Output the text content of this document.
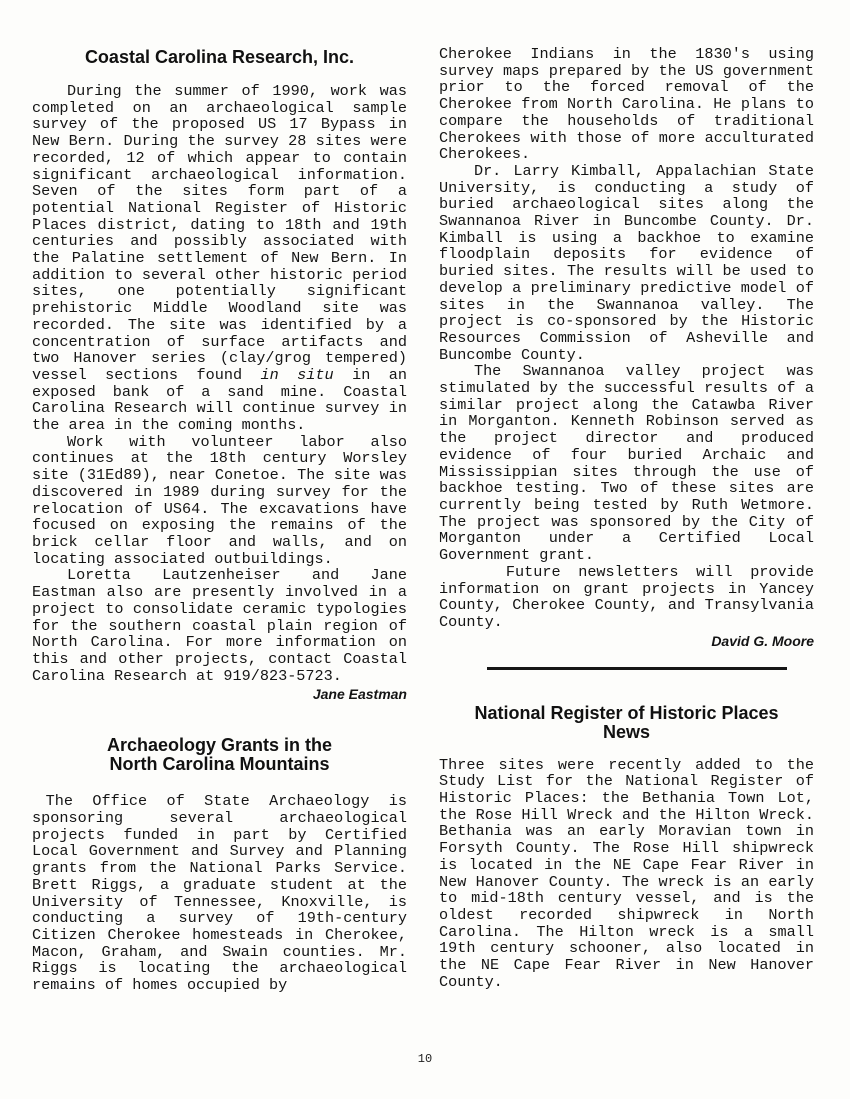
Coastal Carolina Research, Inc.

During the summer of 1990, work was completed on an archaeological sample survey of the proposed US 17 Bypass in New Bern. During the survey 28 sites were recorded, 12 of which appear to contain significant archaeological information. Seven of the sites form part of a potential National Register of Historic Places district, dating to 18th and 19th centuries and possibly associated with the Palatine settlement of New Bern. In addition to several other historic period sites, one potentially significant prehistoric Middle Woodland site was recorded. The site was identified by a concentration of surface artifacts and two Hanover series (clay/grog tempered) vessel sections found in situ in an exposed bank of a sand mine. Coastal Carolina Research will continue survey in the area in the coming months.

Work with volunteer labor also continues at the 18th century Worsley site (31Ed89), near Conetoe. The site was discovered in 1989 during survey for the relocation of US64. The excavations have focused on exposing the remains of the brick cellar floor and walls, and on locating associated outbuildings.

Loretta Lautzenheiser and Jane Eastman also are presently involved in a project to consolidate ceramic typologies for the southern coastal plain region of North Carolina. For more information on this and other projects, contact Coastal Carolina Research at 919/823-5723.

Jane Eastman

Archaeology Grants in the
North Carolina Mountains

The Office of State Archaeology is sponsoring several archaeological projects funded in part by Certified Local Government and Survey and Planning grants from the National Parks Service. Brett Riggs, a graduate student at the University of Tennessee, Knoxville, is conducting a survey of 19th-century Citizen Cherokee homesteads in Cherokee, Macon, Graham, and Swain counties. Mr. Riggs is locating the archaeological remains of homes occupied by

Cherokee Indians in the 1830's using survey maps prepared by the US government prior to the forced removal of the Cherokee from North Carolina. He plans to compare the households of traditional Cherokees with those of more acculturated Cherokees.

Dr. Larry Kimball, Appalachian State University, is conducting a study of buried archaeological sites along the Swannanoa River in Buncombe County. Dr. Kimball is using a backhoe to examine floodplain deposits for evidence of buried sites. The results will be used to develop a preliminary predictive model of sites in the Swannanoa valley. The project is co-sponsored by the Historic Resources Commission of Asheville and Buncombe County.

The Swannanoa valley project was stimulated by the successful results of a similar project along the Catawba River in Morganton. Kenneth Robinson served as the project director and produced evidence of four buried Archaic and Mississippian sites through the use of backhoe testing. Two of these sites are currently being tested by Ruth Wetmore. The project was sponsored by the City of Morganton under a Certified Local Government grant.

Future newsletters will provide information on grant projects in Yancey County, Cherokee County, and Transylvania County.

David G. Moore

National Register of Historic Places
News

Three sites were recently added to the Study List for the National Register of Historic Places: the Bethania Town Lot, the Rose Hill Wreck and the Hilton Wreck. Bethania was an early Moravian town in Forsyth County. The Rose Hill shipwreck is located in the NE Cape Fear River in New Hanover County. The wreck is an early to mid-18th century vessel, and is the oldest recorded shipwreck in North Carolina. The Hilton wreck is a small 19th century schooner, also located in the NE Cape Fear River in New Hanover County.

10
